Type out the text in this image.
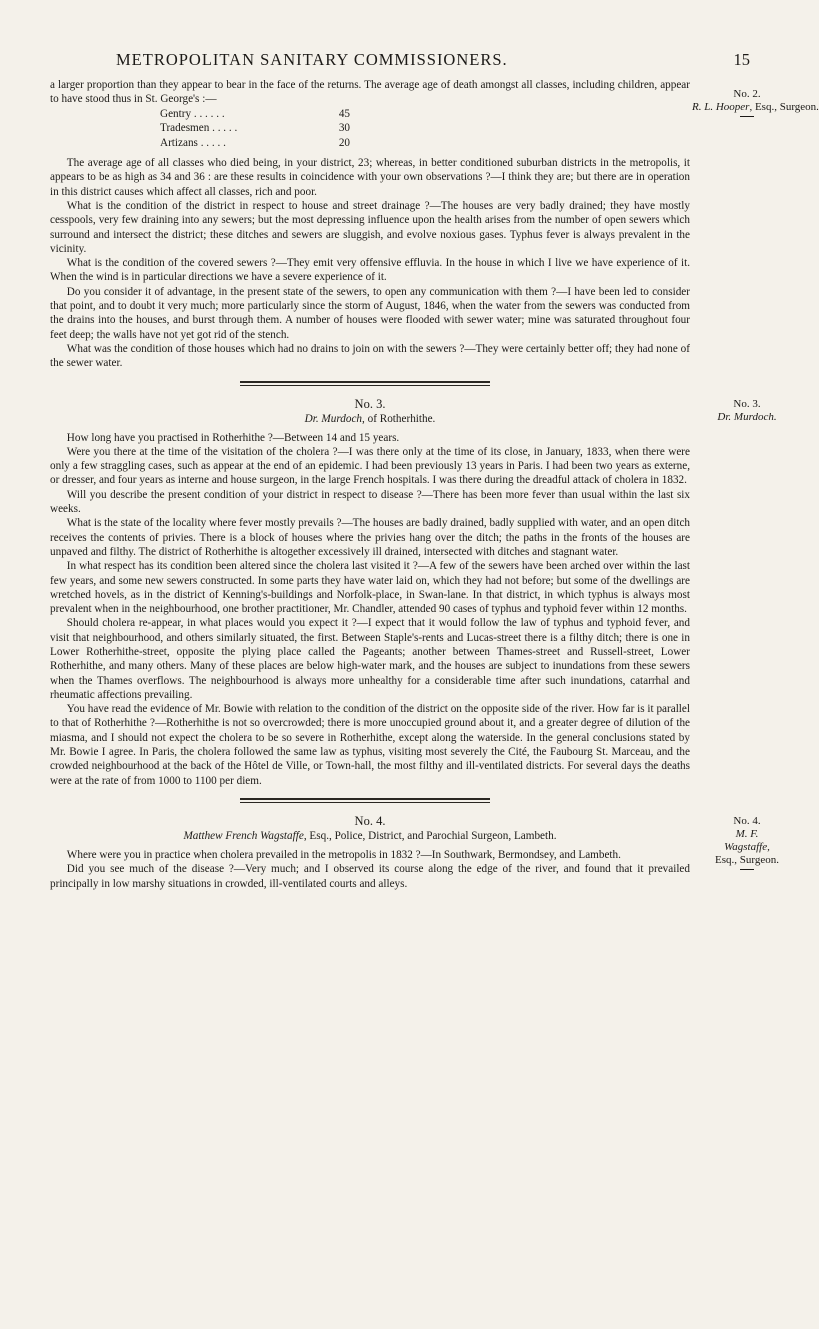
METROPOLITAN SANITARY COMMISSIONERS.	15
No. 2.
R. L. Hooper, Esq., Surgeon.

a larger proportion than they appear to bear in the face of the returns. The average age of death amongst all classes, including children, appear to have stood thus in St. George's :—

Gentry . . . . . .	45
Tradesmen . . . . .	30
Artizans . . . . .	20

The average age of all classes who died being, in your district, 23; whereas, in better conditioned suburban districts in the metropolis, it appears to be as high as 34 and 36 : are these results in coincidence with your own observations ?—I think they are; but there are in operation in this district causes which affect all classes, rich and poor.

What is the condition of the district in respect to house and street drainage ?—The houses are very badly drained; they have mostly cesspools, very few draining into any sewers; but the most depressing influence upon the health arises from the number of open sewers which surround and intersect the district; these ditches and sewers are sluggish, and evolve noxious gases. Typhus fever is always prevalent in the vicinity.

What is the condition of the covered sewers ?—They emit very offensive effluvia. In the house in which I live we have experience of it. When the wind is in particular directions we have a severe experience of it.

Do you consider it of advantage, in the present state of the sewers, to open any communication with them ?—I have been led to consider that point, and to doubt it very much; more particularly since the storm of August, 1846, when the water from the sewers was conducted from the drains into the houses, and burst through them. A number of houses were flooded with sewer water; mine was saturated throughout four feet deep; the walls have not yet got rid of the stench.

What was the condition of those houses which had no drains to join on with the sewers ?—They were certainly better off; they had none of the sewer water.

No. 3.
Dr. Murdoch, of Rotherhithe.

How long have you practised in Rotherhithe ?—Between 14 and 15 years.

Were you there at the time of the visitation of the cholera ?—I was there only at the time of its close, in January, 1833, when there were only a few straggling cases, such as appear at the end of an epidemic. I had been previously 13 years in Paris. I had been two years as externe, or dresser, and four years as interne and house surgeon, in the large French hospitals. I was there during the dreadful attack of cholera in 1832.

Will you describe the present condition of your district in respect to disease ?—There has been more fever than usual within the last six weeks.

What is the state of the locality where fever mostly prevails ?—The houses are badly drained, badly supplied with water, and an open ditch receives the contents of privies. There is a block of houses where the privies hang over the ditch; the paths in the fronts of the houses are unpaved and filthy. The district of Rotherhithe is altogether excessively ill drained, intersected with ditches and stagnant water.

In what respect has its condition been altered since the cholera last visited it ?—A few of the sewers have been arched over within the last few years, and some new sewers constructed. In some parts they have water laid on, which they had not before; but some of the dwellings are wretched hovels, as in the district of Kenning's-buildings and Norfolk-place, in Swan-lane. In that district, in which typhus is always most prevalent when in the neighbourhood, one brother practitioner, Mr. Chandler, attended 90 cases of typhus and typhoid fever within 12 months.

Should cholera re-appear, in what places would you expect it ?—I expect that it would follow the law of typhus and typhoid fever, and visit that neighbourhood, and others similarly situated, the first. Between Staple's-rents and Lucas-street there is a filthy ditch; there is one in Lower Rotherhithe-street, opposite the plying place called the Pageants; another between Thames-street and Russell-street, Lower Rotherhithe, and many others. Many of these places are below high-water mark, and the houses are subject to inundations from these sewers when the Thames overflows. The neighbourhood is always more unhealthy for a considerable time after such inundations, catarrhal and rheumatic affections prevailing.

You have read the evidence of Mr. Bowie with relation to the condition of the district on the opposite side of the river. How far is it parallel to that of Rotherhithe ?—Rotherhithe is not so overcrowded; there is more unoccupied ground about it, and a greater degree of dilution of the miasma, and I should not expect the cholera to be so severe in Rotherhithe, except along the waterside. In the general conclusions stated by Mr. Bowie I agree. In Paris, the cholera followed the same law as typhus, visiting most severely the Cité, the Faubourg St. Marceau, and the crowded neighbourhood at the back of the Hôtel de Ville, or Town-hall, the most filthy and ill-ventilated districts. For several days the deaths were at the rate of from 1000 to 1100 per diem.

No. 4.
Matthew French Wagstaffe, Esq., Police, District, and Parochial Surgeon, Lambeth.

Where were you in practice when cholera prevailed in the metropolis in 1832 ?—In Southwark, Bermondsey, and Lambeth.

Did you see much of the disease ?—Very much; and I observed its course along the edge of the river, and found that it prevailed principally in low marshy situations in crowded, ill-ventilated courts and alleys.

No. 3.
Dr. Murdoch.
No. 4.
M. F. Wagstaffe,
Esq., Surgeon.
